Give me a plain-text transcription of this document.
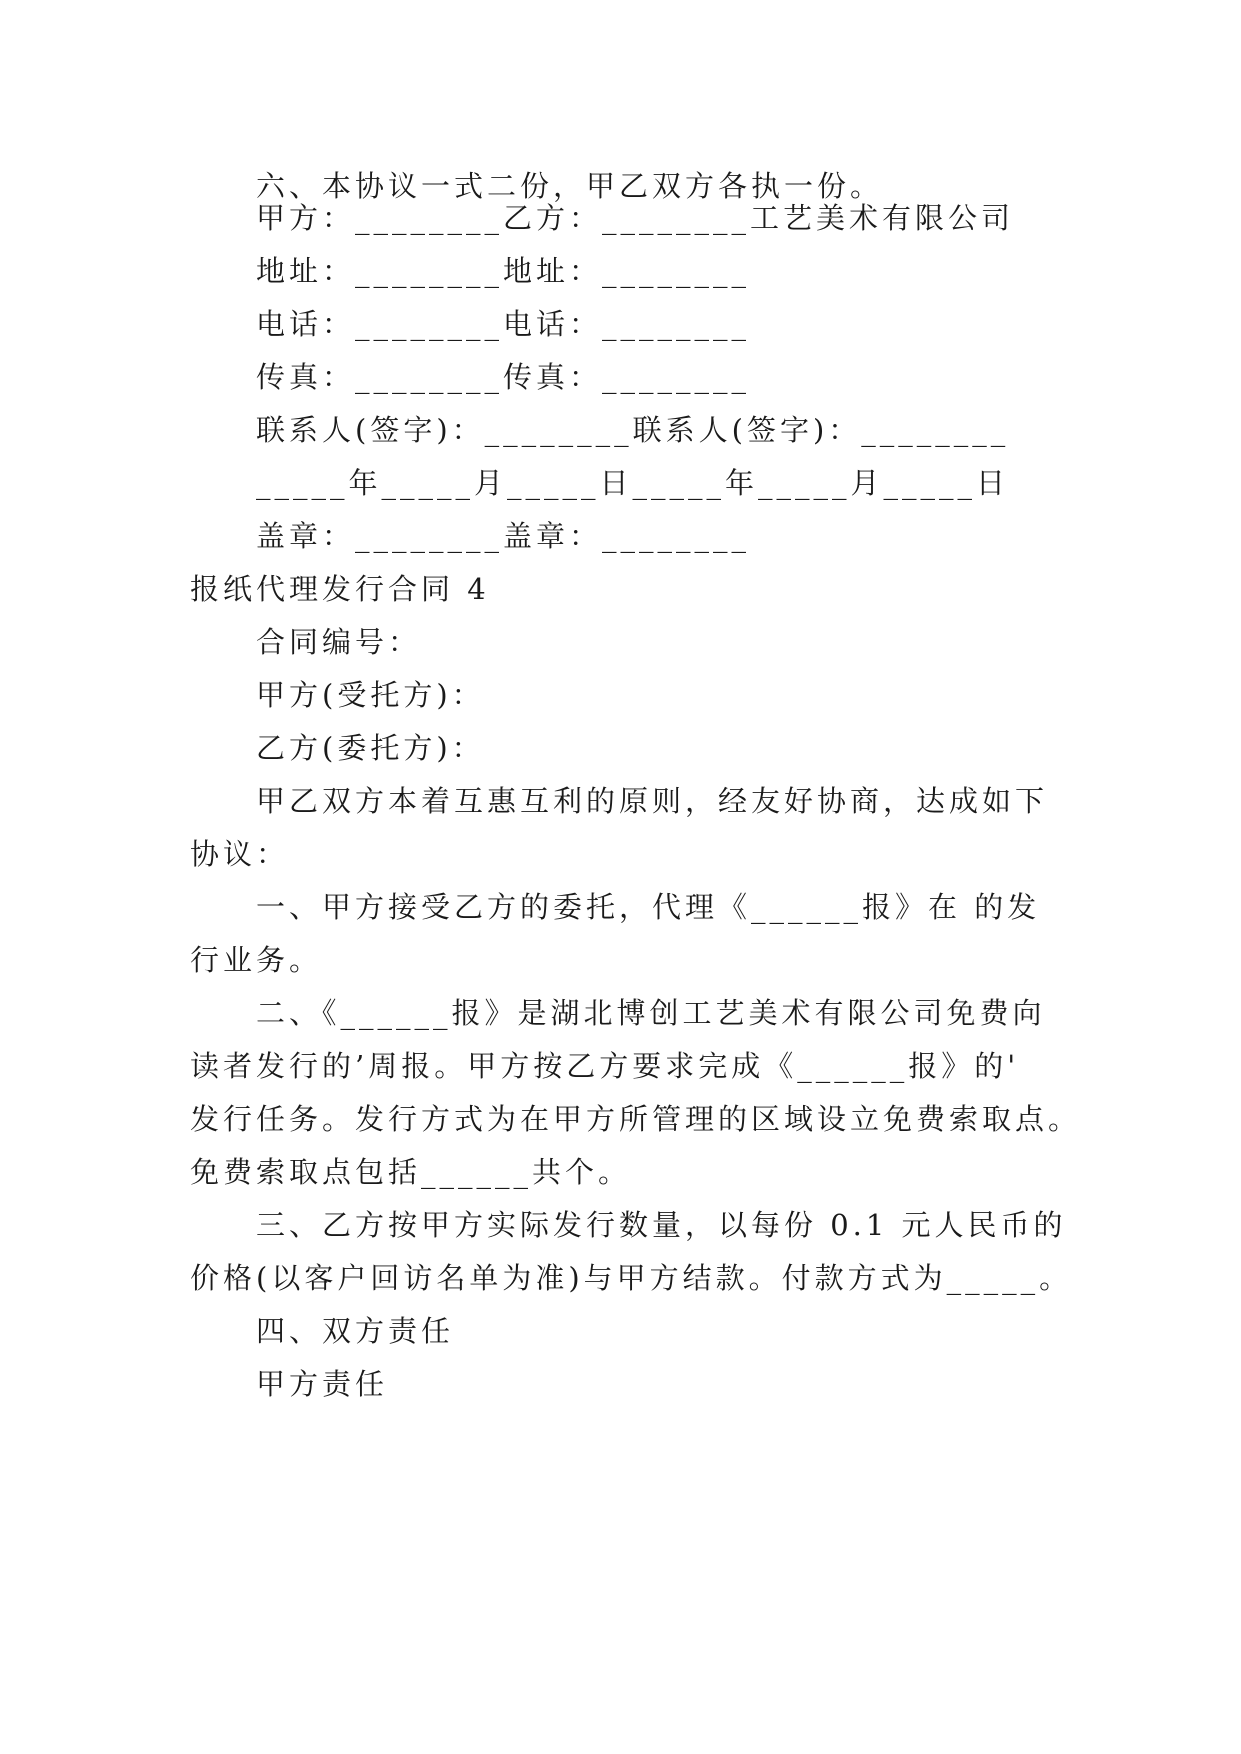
六、本协议一式二份，甲乙双方各执一份。
甲方：________乙方：________工艺美术有限公司
地址：________地址：________
电话：________电话：________
传真：________传真：________
联系人(签字)：________联系人(签字)：________
_____年_____月_____日_____年_____月_____日
盖章：________盖章：________
报纸代理发行合同 4
合同编号：
甲方(受托方)：
乙方(委托方)：
甲乙双方本着互惠互利的原则，经友好协商，达成如下
协议：
一、甲方接受乙方的委托，代理《______报》在 的发
行业务。
二、《______报》是湖北博创工艺美术有限公司免费向
读者发行的’周报。甲方按乙方要求完成《______报》的'
发行任务。发行方式为在甲方所管理的区域设立免费索取点。
免费索取点包括______共个。
三、乙方按甲方实际发行数量，以每份 0.1 元人民币的
价格(以客户回访名单为准)与甲方结款。付款方式为_____。
四、双方责任
甲方责任
